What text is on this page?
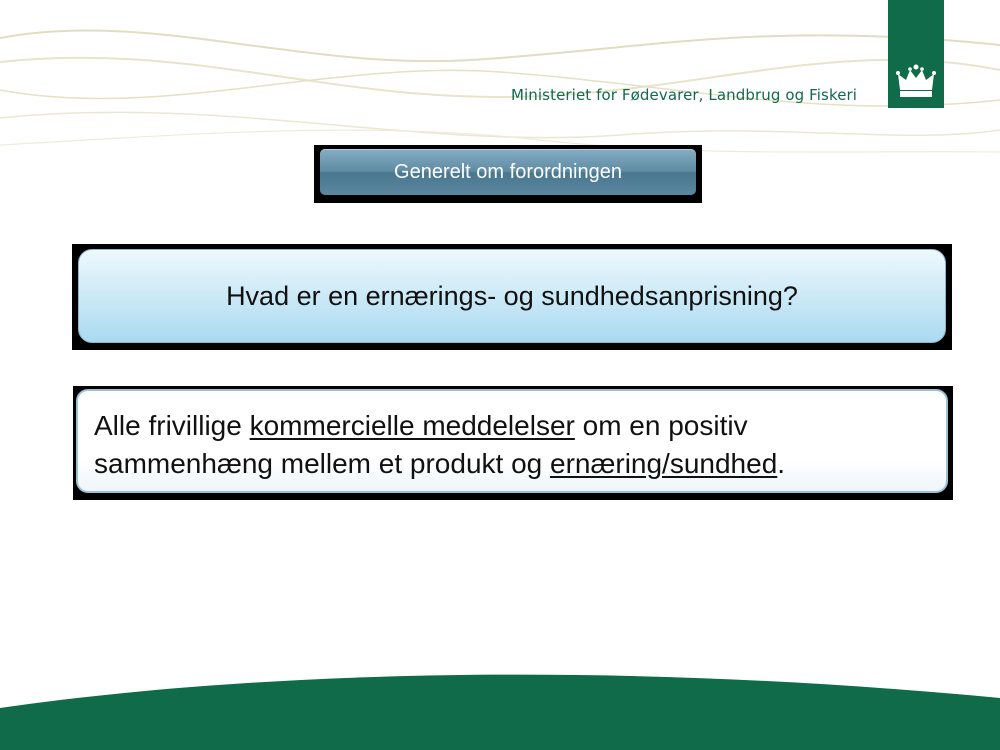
Ministeriet for Fødevarer, Landbrug og Fiskeri
Generelt om forordningen
Hvad er en ernærings- og sundhedsanprisning?
Alle frivillige kommercielle meddelelser om en positiv
sammenhæng mellem et produkt og ernæring/sundhed.
